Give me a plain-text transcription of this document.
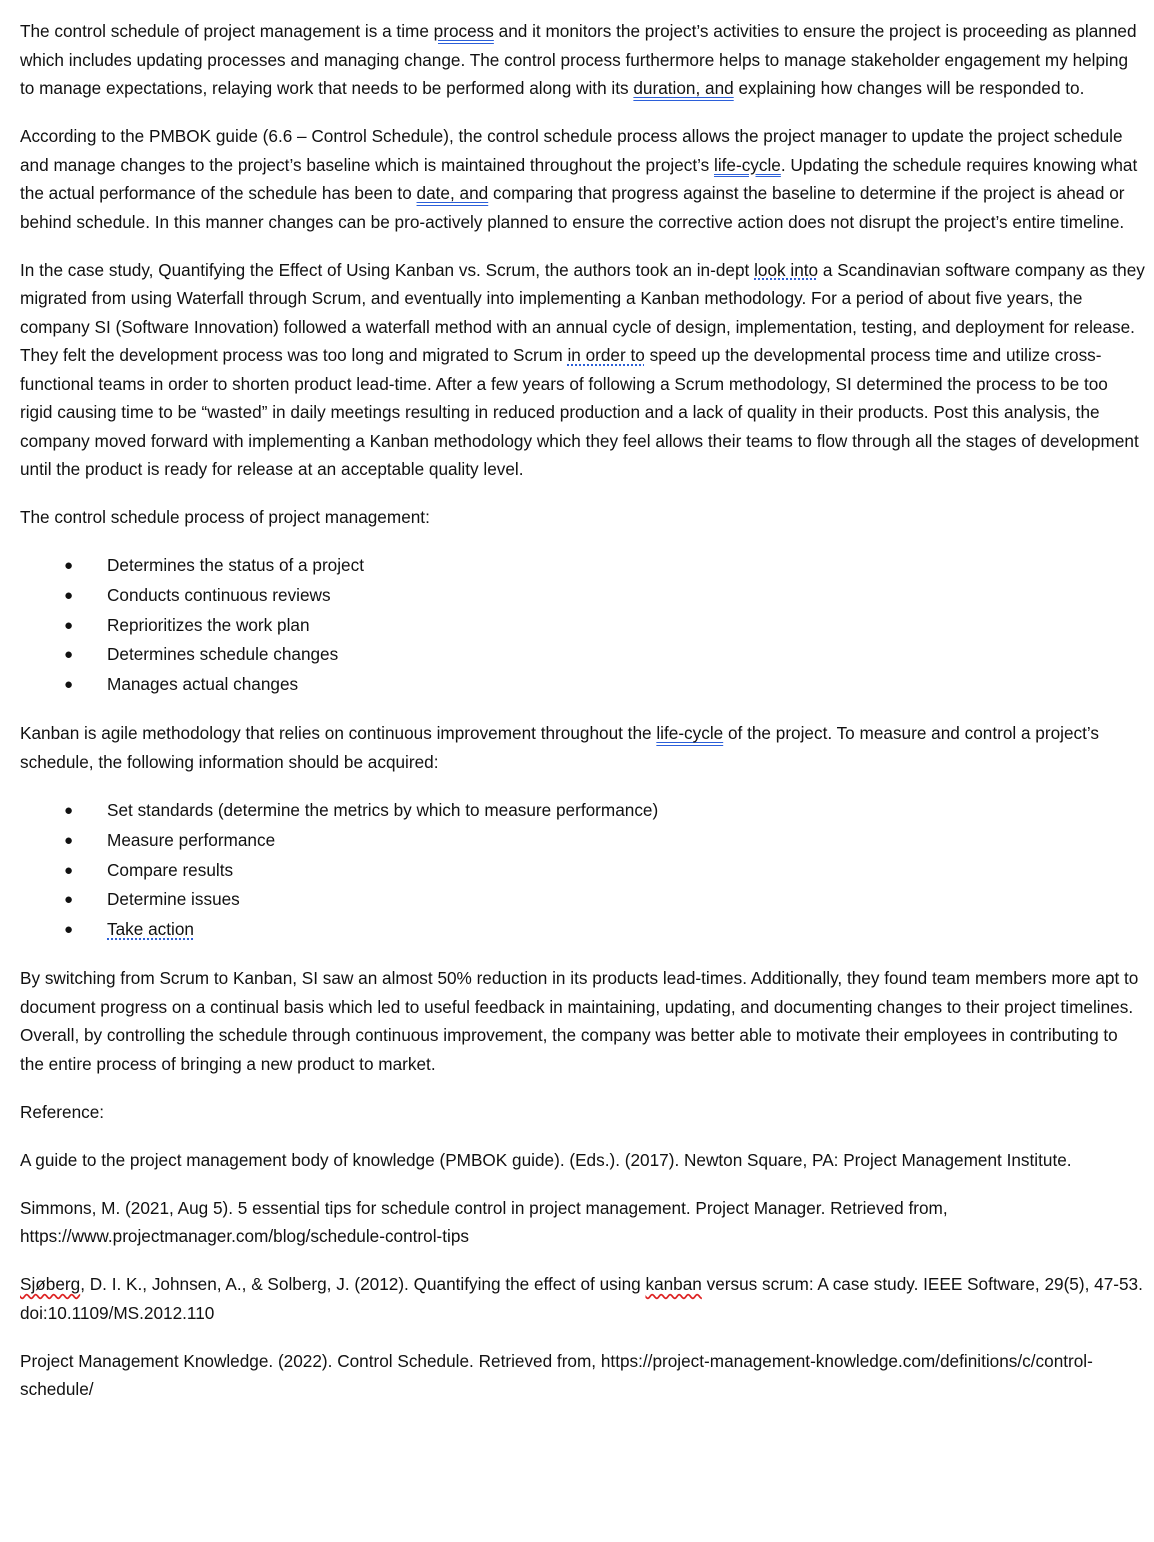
The control schedule of project management is a time process and it monitors the project’s activities to ensure the project is proceeding as planned which includes updating processes and managing change. The control process furthermore helps to manage stakeholder engagement my helping to manage expectations, relaying work that needs to be performed along with its duration, and explaining how changes will be responded to.

According to the PMBOK guide (6.6 – Control Schedule), the control schedule process allows the project manager to update the project schedule and manage changes to the project’s baseline which is maintained throughout the project’s life-cycle. Updating the schedule requires knowing what the actual performance of the schedule has been to date, and comparing that progress against the baseline to determine if the project is ahead or behind schedule. In this manner changes can be pro-actively planned to ensure the corrective action does not disrupt the project’s entire timeline.

In the case study, Quantifying the Effect of Using Kanban vs. Scrum, the authors took an in-dept look into a Scandinavian software company as they migrated from using Waterfall through Scrum, and eventually into implementing a Kanban methodology. For a period of about five years, the company SI (Software Innovation) followed a waterfall method with an annual cycle of design, implementation, testing, and deployment for release. They felt the development process was too long and migrated to Scrum in order to speed up the developmental process time and utilize cross-functional teams in order to shorten product lead-time. After a few years of following a Scrum methodology, SI determined the process to be too rigid causing time to be “wasted” in daily meetings resulting in reduced production and a lack of quality in their products. Post this analysis, the company moved forward with implementing a Kanban methodology which they feel allows their teams to flow through all the stages of development until the product is ready for release at an acceptable quality level.

The control schedule process of project management:

● Determines the status of a project
● Conducts continuous reviews
● Reprioritizes the work plan
● Determines schedule changes
● Manages actual changes

Kanban is agile methodology that relies on continuous improvement throughout the life-cycle of the project. To measure and control a project’s schedule, the following information should be acquired:

● Set standards (determine the metrics by which to measure performance)
● Measure performance
● Compare results
● Determine issues
● Take action

By switching from Scrum to Kanban, SI saw an almost 50% reduction in its products lead-times. Additionally, they found team members more apt to document progress on a continual basis which led to useful feedback in maintaining, updating, and documenting changes to their project timelines. Overall, by controlling the schedule through continuous improvement, the company was better able to motivate their employees in contributing to the entire process of bringing a new product to market.

Reference:

A guide to the project management body of knowledge (PMBOK guide). (Eds.). (2017). Newton Square, PA: Project Management Institute.

Simmons, M. (2021, Aug 5). 5 essential tips for schedule control in project management. Project Manager. Retrieved from, https://www.projectmanager.com/blog/schedule-control-tips

Sjøberg, D. I. K., Johnsen, A., & Solberg, J. (2012). Quantifying the effect of using kanban versus scrum: A case study. IEEE Software, 29(5), 47-53. doi:10.1109/MS.2012.110

Project Management Knowledge. (2022). Control Schedule. Retrieved from, https://project-management-knowledge.com/definitions/c/control-schedule/
